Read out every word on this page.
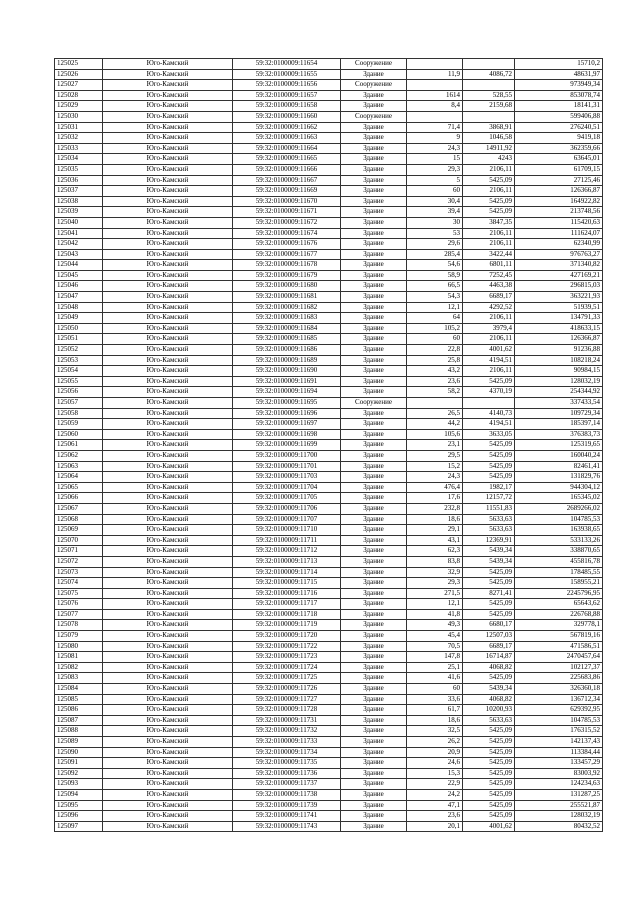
125025	Юго-Камский	59:32:0100009:11654	Сооружение			15710,2
125026	Юго-Камский	59:32:0100009:11655	Здание	11,9	4086,72	48631,97
125027	Юго-Камский	59:32:0100009:11656	Сооружение			973949,34
125028	Юго-Камский	59:32:0100009:11657	Здание	1614	528,55	853078,74
125029	Юго-Камский	59:32:0100009:11658	Здание	8,4	2159,68	18141,31
125030	Юго-Камский	59:32:0100009:11660	Сооружение			599406,88
125031	Юго-Камский	59:32:0100009:11662	Здание	71,4	3868,91	276240,51
125032	Юго-Камский	59:32:0100009:11663	Здание	9	1046,58	9419,18
125033	Юго-Камский	59:32:0100009:11664	Здание	24,3	14911,92	362359,66
125034	Юго-Камский	59:32:0100009:11665	Здание	15	4243	63645,01
125035	Юго-Камский	59:32:0100009:11666	Здание	29,3	2106,11	61709,15
125036	Юго-Камский	59:32:0100009:11667	Здание	5	5425,09	27125,46
125037	Юго-Камский	59:32:0100009:11669	Здание	60	2106,11	126366,87
125038	Юго-Камский	59:32:0100009:11670	Здание	30,4	5425,09	164922,82
125039	Юго-Камский	59:32:0100009:11671	Здание	39,4	5425,09	213748,56
125040	Юго-Камский	59:32:0100009:11672	Здание	30	3847,35	115420,63
125041	Юго-Камский	59:32:0100009:11674	Здание	53	2106,11	111624,07
125042	Юго-Камский	59:32:0100009:11676	Здание	29,6	2106,11	62340,99
125043	Юго-Камский	59:32:0100009:11677	Здание	285,4	3422,44	976763,27
125044	Юго-Камский	59:32:0100009:11678	Здание	54,6	6801,11	371340,82
125045	Юго-Камский	59:32:0100009:11679	Здание	58,9	7252,45	427169,21
125046	Юго-Камский	59:32:0100009:11680	Здание	66,5	4463,38	296815,03
125047	Юго-Камский	59:32:0100009:11681	Здание	54,3	6689,17	363221,93
125048	Юго-Камский	59:32:0100009:11682	Здание	12,1	4292,52	51939,51
125049	Юго-Камский	59:32:0100009:11683	Здание	64	2106,11	134791,33
125050	Юго-Камский	59:32:0100009:11684	Здание	105,2	3979,4	418633,15
125051	Юго-Камский	59:32:0100009:11685	Здание	60	2106,11	126366,87
125052	Юго-Камский	59:32:0100009:11686	Здание	22,8	4001,62	91236,88
125053	Юго-Камский	59:32:0100009:11689	Здание	25,8	4194,51	108218,24
125054	Юго-Камский	59:32:0100009:11690	Здание	43,2	2106,11	90984,15
125055	Юго-Камский	59:32:0100009:11691	Здание	23,6	5425,09	128032,19
125056	Юго-Камский	59:32:0100009:11694	Здание	58,2	4370,19	254344,92
125057	Юго-Камский	59:32:0100009:11695	Сооружение			337433,54
125058	Юго-Камский	59:32:0100009:11696	Здание	26,5	4140,73	109729,34
125059	Юго-Камский	59:32:0100009:11697	Здание	44,2	4194,51	185397,14
125060	Юго-Камский	59:32:0100009:11698	Здание	105,6	3633,05	376383,73
125061	Юго-Камский	59:32:0100009:11699	Здание	23,1	5425,09	125319,65
125062	Юго-Камский	59:32:0100009:11700	Здание	29,5	5425,09	160040,24
125063	Юго-Камский	59:32:0100009:11701	Здание	15,2	5425,09	82461,41
125064	Юго-Камский	59:32:0100009:11703	Здание	24,3	5425,09	131829,76
125065	Юго-Камский	59:32:0100009:11704	Здание	476,4	1982,17	944304,12
125066	Юго-Камский	59:32:0100009:11705	Здание	17,6	12157,72	165345,02
125067	Юго-Камский	59:32:0100009:11706	Здание	232,8	11551,83	2689266,02
125068	Юго-Камский	59:32:0100009:11707	Здание	18,6	5633,63	104785,53
125069	Юго-Камский	59:32:0100009:11710	Здание	29,1	5633,63	163938,65
125070	Юго-Камский	59:32:0100009:11711	Здание	43,1	12369,91	533133,26
125071	Юго-Камский	59:32:0100009:11712	Здание	62,3	5439,34	338870,65
125072	Юго-Камский	59:32:0100009:11713	Здание	83,8	5439,34	455816,78
125073	Юго-Камский	59:32:0100009:11714	Здание	32,9	5425,09	178485,55
125074	Юго-Камский	59:32:0100009:11715	Здание	29,3	5425,09	158955,21
125075	Юго-Камский	59:32:0100009:11716	Здание	271,5	8271,41	2245796,95
125076	Юго-Камский	59:32:0100009:11717	Здание	12,1	5425,09	65643,62
125077	Юго-Камский	59:32:0100009:11718	Здание	41,8	5425,09	226768,88
125078	Юго-Камский	59:32:0100009:11719	Здание	49,3	6680,17	329778,1
125079	Юго-Камский	59:32:0100009:11720	Здание	45,4	12507,03	567819,16
125080	Юго-Камский	59:32:0100009:11722	Здание	70,5	6689,17	471586,51
125081	Юго-Камский	59:32:0100009:11723	Здание	147,8	16714,87	2470457,64
125082	Юго-Камский	59:32:0100009:11724	Здание	25,1	4068,82	102127,37
125083	Юго-Камский	59:32:0100009:11725	Здание	41,6	5425,09	225683,86
125084	Юго-Камский	59:32:0100009:11726	Здание	60	5439,34	326360,18
125085	Юго-Камский	59:32:0100009:11727	Здание	33,6	4068,82	136712,34
125086	Юго-Камский	59:32:0100009:11728	Здание	61,7	10200,93	629392,95
125087	Юго-Камский	59:32:0100009:11731	Здание	18,6	5633,63	104785,53
125088	Юго-Камский	59:32:0100009:11732	Здание	32,5	5425,09	176315,52
125089	Юго-Камский	59:32:0100009:11733	Здание	26,2	5425,09	142137,43
125090	Юго-Камский	59:32:0100009:11734	Здание	20,9	5425,09	113384,44
125091	Юго-Камский	59:32:0100009:11735	Здание	24,6	5425,09	133457,29
125092	Юго-Камский	59:32:0100009:11736	Здание	15,3	5425,09	83003,92
125093	Юго-Камский	59:32:0100009:11737	Здание	22,9	5425,09	124234,63
125094	Юго-Камский	59:32:0100009:11738	Здание	24,2	5425,09	131287,25
125095	Юго-Камский	59:32:0100009:11739	Здание	47,1	5425,09	255521,87
125096	Юго-Камский	59:32:0100009:11741	Здание	23,6	5425,09	128032,19
125097	Юго-Камский	59:32:0100009:11743	Здание	20,1	4001,62	80432,52
